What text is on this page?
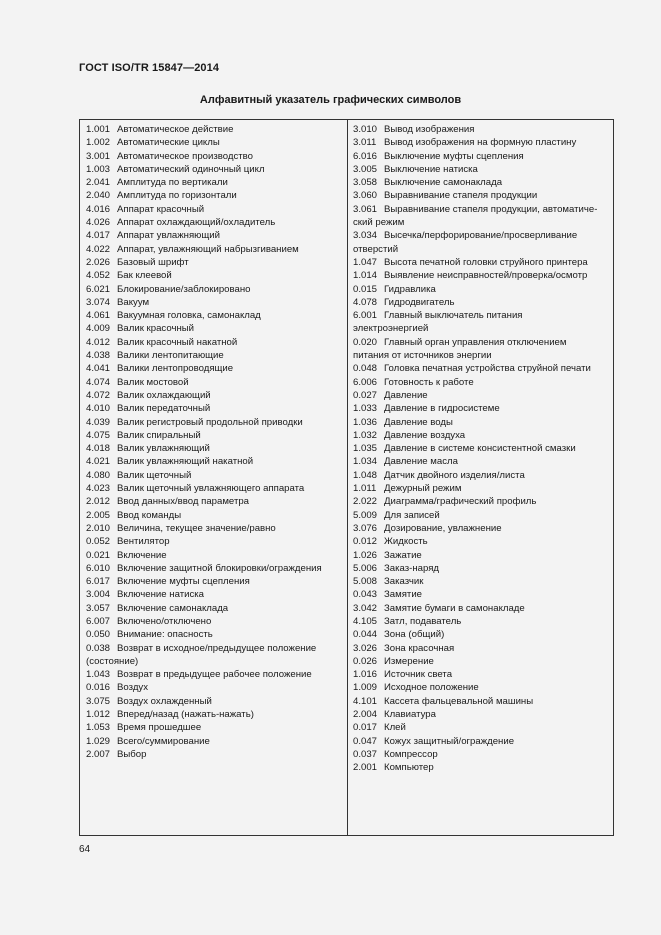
ГОСТ ISO/TR 15847—2014
Алфавитный указатель графических символов
1.001 Автоматическое действие
1.002 Автоматические циклы
3.001 Автоматическое производство
1.003 Автоматический одиночный цикл
2.041 Амплитуда по вертикали
2.040 Амплитуда по горизонтали
4.016 Аппарат красочный
4.026 Аппарат охлаждающий/охладитель
4.017 Аппарат увлажняющий
4.022 Аппарат, увлажняющий набрызгиванием
2.026 Базовый шрифт
4.052 Бак клеевой
6.021 Блокирование/заблокировано
3.074 Вакуум
4.061 Вакуумная головка, самонаклад
4.009 Валик красочный
4.012 Валик красочный накатной
4.038 Валики лентопитающие
4.041 Валики лентопроводящие
4.074 Валик мостовой
4.072 Валик охлаждающий
4.010 Валик передаточный
4.039 Валик регистровый продольной приводки
4.075 Валик спиральный
4.018 Валик увлажняющий
4.021 Валик увлажняющий накатной
4.080 Валик щеточный
4.023 Валик щеточный увлажняющего аппарата
2.012 Ввод данных/ввод параметра
2.005 Ввод команды
2.010 Величина, текущее значение/равно
0.052 Вентилятор
0.021 Включение
6.010 Включение защитной блокировки/ограждения
6.017 Включение муфты сцепления
3.004 Включение натиска
3.057 Включение самонаклада
6.007 Включено/отключено
0.050 Внимание: опасность
0.038 Возврат в исходное/предыдущее положение
(состояние)
1.043 Возврат в предыдущее рабочее положение
0.016 Воздух
3.075 Воздух охлажденный
1.012 Вперед/назад (нажать-нажать)
1.053 Время прошедшее
1.029 Всего/суммирование
2.007 Выбор
3.010 Вывод изображения
3.011 Вывод изображения на формную пластину
6.016 Выключение муфты сцепления
3.005 Выключение натиска
3.058 Выключение самонаклада
3.060 Выравнивание стапеля продукции
3.061 Выравнивание стапеля продукции, автоматиче-
ский режим
3.034 Высечка/перфорирование/просверливание
отверстий
1.047 Высота печатной головки струйного принтера
1.014 Выявление неисправностей/проверка/осмотр
0.015 Гидравлика
4.078 Гидродвигатель
6.001 Главный выключатель питания
электроэнергией
0.020 Главный орган управления отключением
питания от источников энергии
0.048 Головка печатная устройства струйной печати
6.006 Готовность к работе
0.027 Давление
1.033 Давление в гидросистеме
1.036 Давление воды
1.032 Давление воздуха
1.035 Давление в системе консистентной смазки
1.034 Давление масла
1.048 Датчик двойного изделия/листа
1.011 Дежурный режим
2.022 Диаграмма/графический профиль
5.009 Для записей
3.076 Дозирование, увлажнение
0.012 Жидкость
1.026 Зажатие
5.006 Заказ-наряд
5.008 Заказчик
0.043 Замятие
3.042 Замятие бумаги в самонакладе
4.105 Затл, подаватель
0.044 Зона (общий)
3.026 Зона красочная
0.026 Измерение
1.016 Источник света
1.009 Исходное положение
4.101 Кассета фальцевальной машины
2.004 Клавиатура
0.017 Клей
0.047 Кожух защитный/ограждение
0.037 Компрессор
2.001 Компьютер
64
